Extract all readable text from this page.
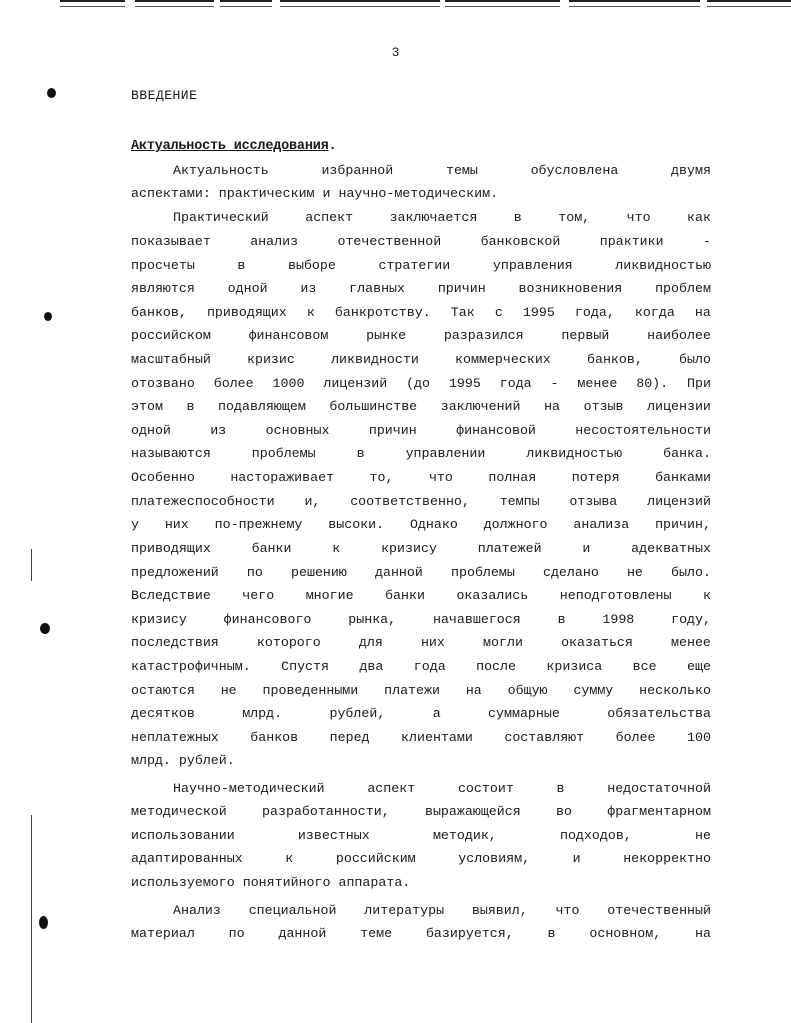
3
ВВЕДЕНИЕ
Актуальность исследования.
Актуальность	избранной	темы	обусловлена	двумя
аспектами: практическим и научно-методическим.
Практический	аспект	заключается	в	том,	что	как
показывает	анализ	отечественной	банковской	практики	-
просчеты	в	выборе	стратегии	управления	ликвидностью
являются одной из главных причин возникновения проблем
банков, приводящих к банкротству. Так с 1995 года, когда на
российском	финансовом	рынке	разразился	первый	наиболее
масштабный	кризис	ликвидности	коммерческих	банков,	было
отозвано более 1000 лицензий (до 1995 года - менее 80). При
этом в подавляющем большинстве заключений на отзыв лицензии
одной	из	основных	причин	финансовой	несостоятельности
называются	проблемы	в	управлении	ликвидностью	банка.
Особенно	настораживает	то,	что	полная	потеря	банками
платежеспособности и, соответственно, темпы отзыва лицензий
у них по-прежнему высоки. Однако должного анализа причин,
приводящих	банки	к	кризису	платежей	и	адекватных
предложений по решению данной проблемы сделано не было.
Вследствие чего многие банки оказались неподготовлены к
кризису	финансового	рынка,	начавшегося	в	1998	году,
последствия	которого	для	них	могли	оказаться	менее
катастрофичным. Спустя два года после кризиса все еще
остаются не проведенными платежи на общую сумму несколько
десятков	млрд.	рублей,	а	суммарные	обязательства
неплатежных банков перед клиентами составляют более 100
млрд. рублей.
Научно-методический	аспект	состоит	в	недостаточной
методической	разработанности,	выражающейся	во	фрагментарном
использовании	известных	методик,	подходов,	не
адаптированных	к	российским	условиям,	и	некорректно
используемого понятийного аппарата.
Анализ специальной литературы выявил, что отечественный
материал	по	данной	теме	базируется,	в	основном,	на
